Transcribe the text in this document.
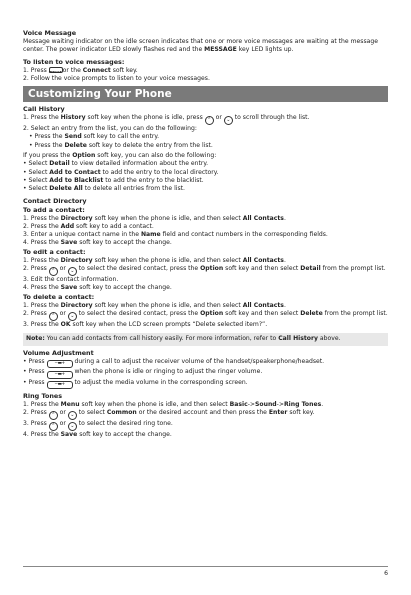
Voice Message

Message waiting indicator on the idle screen indicates that one or more voice messages are waiting at the message center. The power indicator LED slowly flashes red and the MESSAGE key LED lights up.

To listen to voice messages:

1. Press MESSAGE or the Connect soft key.

2. Follow the voice prompts to listen to your voice messages.

Customizing Your Phone
Call History

1. Press the History soft key when the phone is idle, press ⌃ or ⌄ to scroll through the list.

2. Select an entry from the list, you can do the following:

• Press the Send soft key to call the entry.

• Press the Delete soft key to delete the entry from the list.

If you press the Option soft key, you can also do the following:

• Select Detail to view detailed information about the entry.

• Select Add to Contact to add the entry to the local directory.

• Select Add to Blacklist to add the entry to the blacklist.

• Select Delete All to delete all entries from the list.

Contact Directory
To add a contact:

1. Press the Directory soft key when the phone is idle, and then select All Contacts.

2. Press the Add soft key to add a contact.

3. Enter a unique contact name in the Name field and contact numbers in the corresponding fields.

4. Press the Save soft key to accept the change.

To edit a contact:

1. Press the Directory soft key when the phone is idle, and then select All Contacts.

2. Press ⌃ or ⌄ to select the desired contact, press the Option soft key and then select Detail from the prompt list.

3. Edit the contact information.

4. Press the Save soft key to accept the change.

To delete a contact:

1. Press the Directory soft key when the phone is idle, and then select All Contacts.

2. Press ⌃ or ⌄ to select the desired contact, press the Option soft key and then select Delete from the prompt list.

3. Press the OK soft key when the LCD screen prompts “Delete selected item?”.

Note: You can add contacts from call history easily. For more information, refer to Call History above.
Volume Adjustment

• Press −▬+ during a call to adjust the receiver volume of the handset/speakerphone/headset.

• Press −▬+ when the phone is idle or ringing to adjust the ringer volume.

• Press −▬+ to adjust the media volume in the corresponding screen.

Ring Tones

1. Press the Menu soft key when the phone is idle, and then select Basic->Sound->Ring Tones.

2. Press ⌃ or ⌄ to select Common or the desired account and then press the Enter soft key.

3. Press ⌃ or ⌄ to select the desired ring tone.

4. Press the Save soft key to accept the change.

6
